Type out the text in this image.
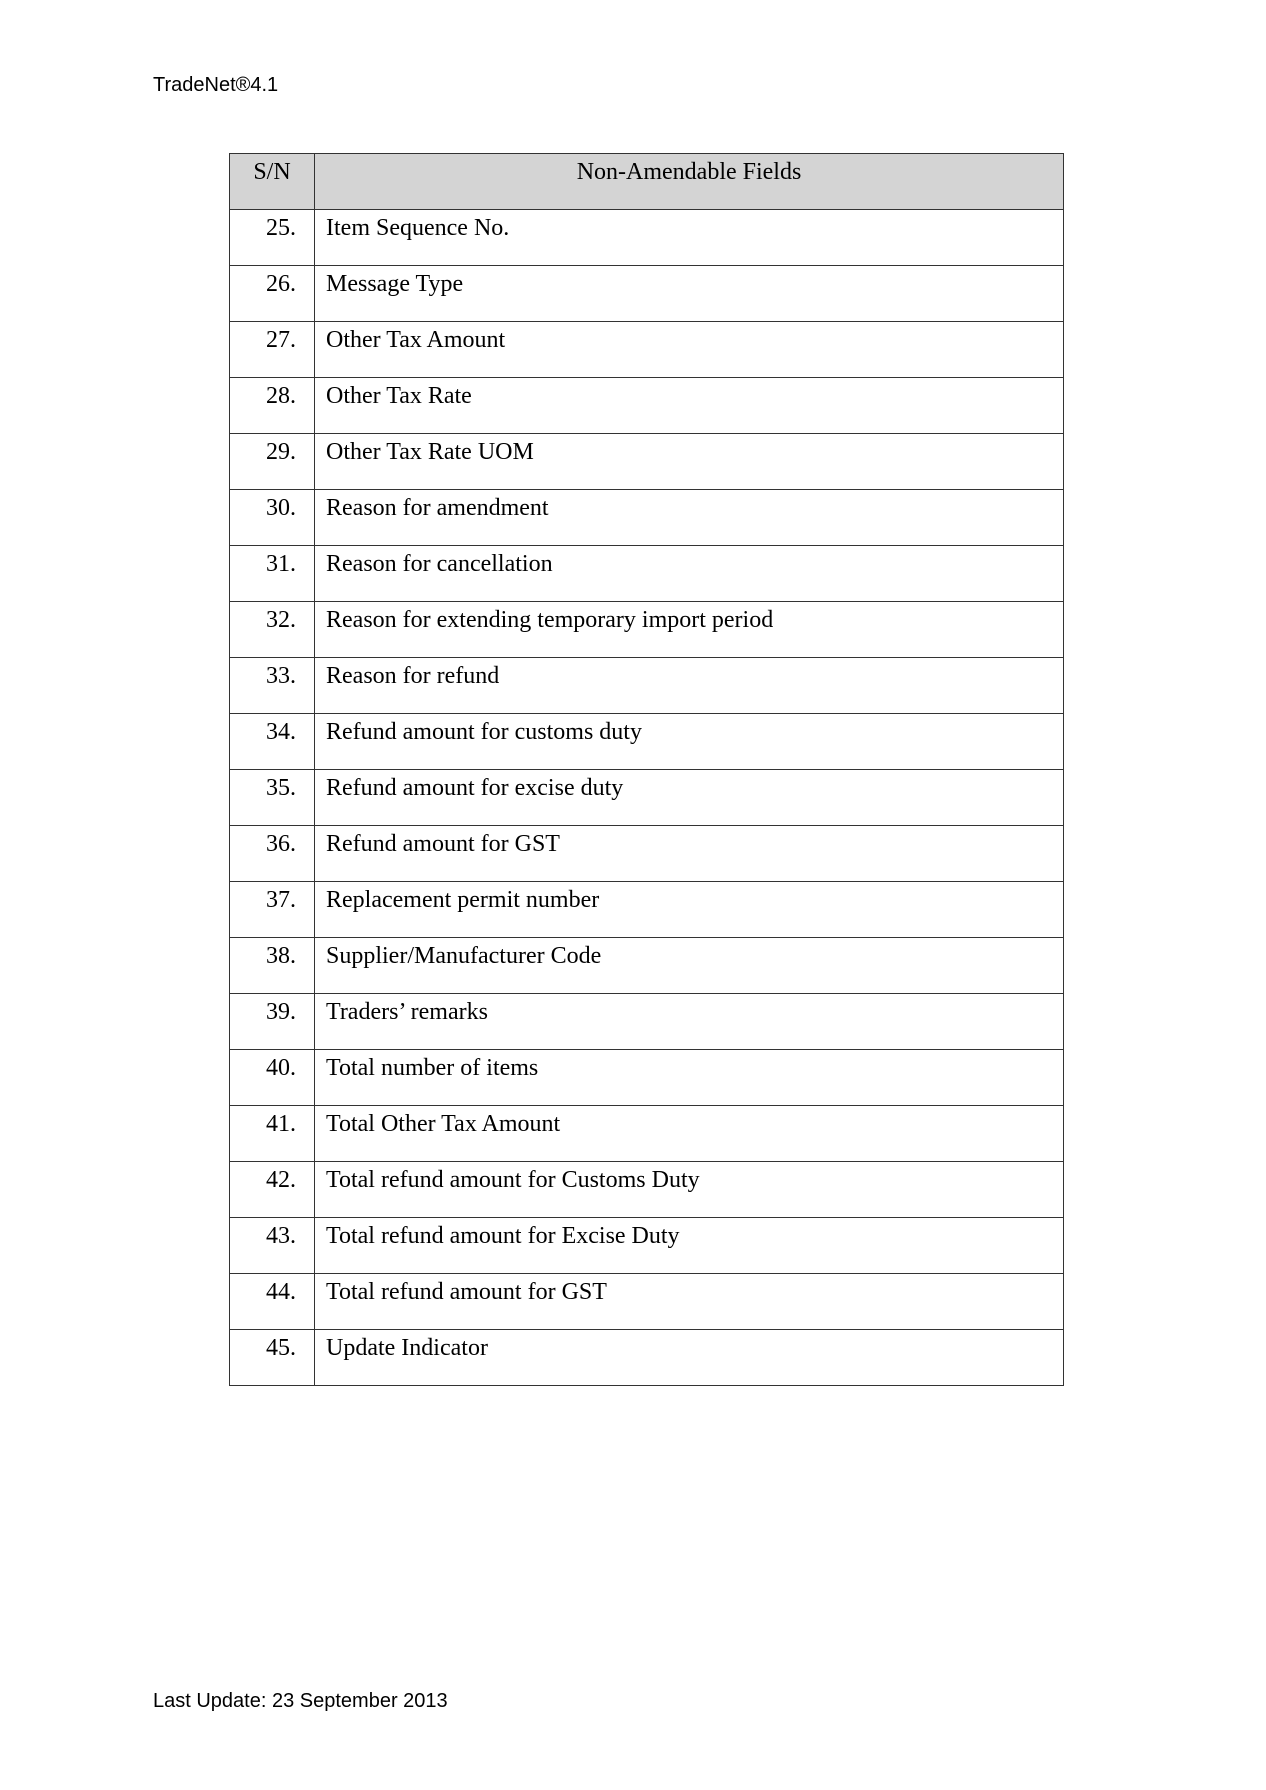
TradeNet®4.1
S/N	Non-Amendable Fields
25.	Item Sequence No.
26.	Message Type
27.	Other Tax Amount
28.	Other Tax Rate
29.	Other Tax Rate UOM
30.	Reason for amendment
31.	Reason for cancellation
32.	Reason for extending temporary import period
33.	Reason for refund
34.	Refund amount for customs duty
35.	Refund amount for excise duty
36.	Refund amount for GST
37.	Replacement permit number
38.	Supplier/Manufacturer Code
39.	Traders’ remarks
40.	Total number of items
41.	Total Other Tax Amount
42.	Total refund amount for Customs Duty
43.	Total refund amount for Excise Duty
44.	Total refund amount for GST
45.	Update Indicator
Last Update: 23 September 2013
